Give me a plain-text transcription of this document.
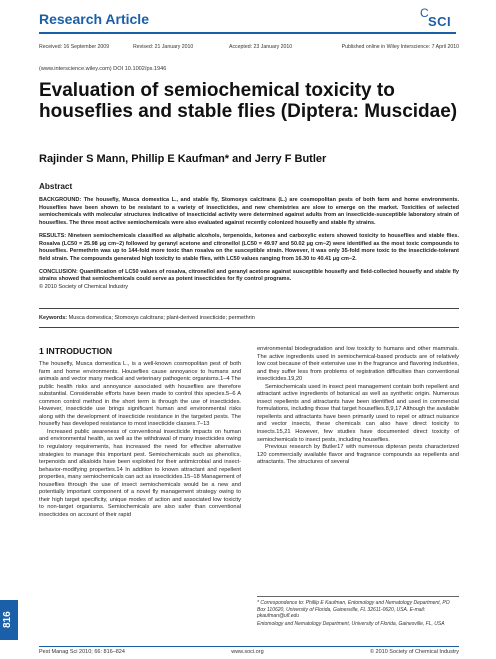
Research Article	C
SCI
Received: 16 September 2009	Revised: 21 January 2010	Accepted: 23 January 2010	Published online in Wiley Interscience: 7 April 2010
(www.interscience.wiley.com) DOI 10.1002/ps.1946
Evaluation of semiochemical toxicity to houseflies and stable flies (Diptera: Muscidae)
Rajinder S Mann, Phillip E Kaufman* and Jerry F Butler
Abstract

BACKGROUND: The housefly, Musca domestica L., and stable fly, Stomoxys calcitrans (L.) are cosmopolitan pests of both farm and home environments. Houseflies have been shown to be resistant to a variety of insecticides, and new chemistries are slow to emerge on the market. Toxicities of selected semiochemicals with molecular structures indicative of insecticidal activity were determined against adults from an insecticide-susceptible laboratory strain of houseflies. The three most active semiochemicals were also evaluated against recently colonized housefly and stable fly strains.

RESULTS: Nineteen semiochemicals classified as aliphatic alcohols, terpenoids, ketones and carboxylic esters showed toxicity to houseflies and stable flies. Rosalva (LC50 = 25.98 μg cm−2) followed by geranyl acetone and citronellol (LC50 = 49.97 and 50.02 μg cm−2) were identified as the most toxic compounds to houseflies. Permethrin was up to 144-fold more toxic than rosalva on the susceptible strain. However, it was only 35-fold more toxic to the insecticide-tolerant field strain. The compounds generated high toxicity to stable flies, with LC50 values ranging from 16.30 to 40.41 μg cm−2.

CONCLUSION: Quantification of LC50 values of rosalva, citronellol and geranyl acetone against susceptible housefly and field-collected housefly and stable fly strains showed that semiochemicals could serve as potent insecticides for fly control programs.
© 2010 Society of Chemical Industry

Keywords: Musca domestica; Stomoxys calcitrans; plant-derived insecticide; permethrin
1 INTRODUCTION

The housefly, Musca domestica L., is a well-known cosmopolitan pest of both farm and home environments. Houseflies cause annoyance to humans and animals and vector many medical and veterinary pathogenic organisms.1–4 The public health risks and annoyance associated with houseflies are therefore substantial. Considerable efforts have been made to control this species.5–6 A common control method in the short term is through the use of insecticides. However, insecticide use brings significant human and environmental risks along with the development of insecticide resistance in the targeted pests. The housefly has developed resistance to most insecticide classes.7–13

Increased public awareness of conventional insecticide impacts on human and environmental health, as well as the withdrawal of many insecticides owing to regulatory requirements, has increased the need for effective alternative strategies to manage this important pest. Semiochemicals such as phenolics, terpenoids and alkaloids have been exploited for their antimicrobial and insect-behavior-modifying properties.14 In addition to known attractant and repellent properties, many semiochemicals can act as insecticides.15–18 Management of houseflies through the use of insect semiochemicals would be a new and potentially important component of a novel fly management strategy owing to their high target specificity, unique modes of action and associated low toxicity to non-target organisms. Semiochemicals are also safer than conventional insecticides on account of their rapid

environmental biodegradation and low toxicity to humans and other mammals. The active ingredients used in semiochemical-based products are of relatively low cost because of their extensive use in the fragrance and flavoring industries, and they suffer less from problems of registration difficulties than conventional insecticides.19,20

Semiochemicals used in insect pest management contain both repellent and attractant active ingredients of botanical as well as synthetic origin. Numerous insect repellents and attractants have been identified and used in commercial formulations, including those that target houseflies.8,9,17 Although the available repellents and attractants have been primarily used to repel or attract nuisance and vector insects, these chemicals can also have direct toxicity to insects.15,21 However, few studies have documented direct toxicity of semiochemicals to insect pests, including houseflies.

Previous research by Butler17 with numerous dipteran pests characterized 120 commercially available flavor and fragrance compounds as repellents and attractants. The structures of several

* Correspondence to: Phillip E Kaufman, Entomology and Nematology Department, PO Box 110620, University of Florida, Gainesville, FL 32611-0620, USA. E-mail: pkaufman@ufl.edu
Entomology and Nematology Department, University of Florida, Gainesville, FL, USA
816
Pest Manag Sci 2010; 66: 816–824	www.soci.org	© 2010 Society of Chemical Industry
